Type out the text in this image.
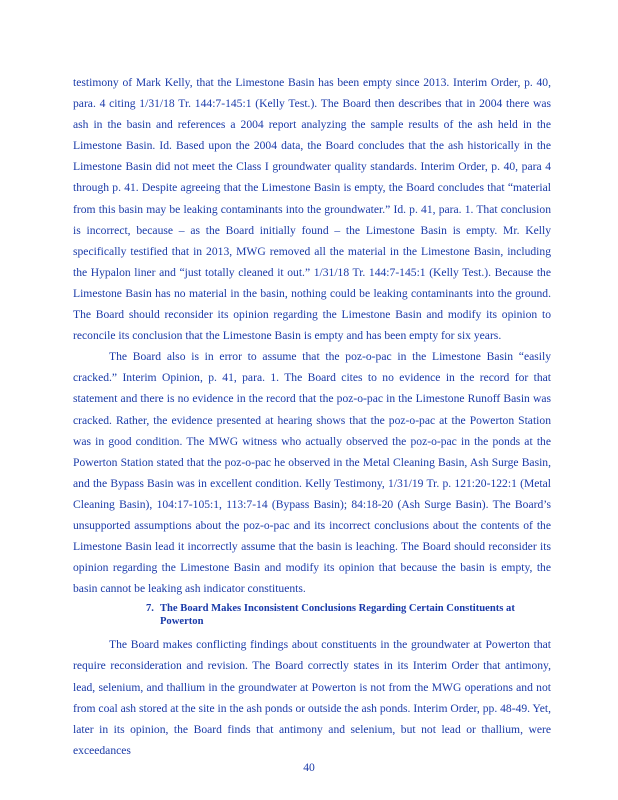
testimony of Mark Kelly, that the Limestone Basin has been empty since 2013. Interim Order, p. 40, para. 4 citing 1/31/18 Tr. 144:7-145:1 (Kelly Test.). The Board then describes that in 2004 there was ash in the basin and references a 2004 report analyzing the sample results of the ash held in the Limestone Basin. Id. Based upon the 2004 data, the Board concludes that the ash historically in the Limestone Basin did not meet the Class I groundwater quality standards. Interim Order, p. 40, para 4 through p. 41. Despite agreeing that the Limestone Basin is empty, the Board concludes that “material from this basin may be leaking contaminants into the groundwater.” Id. p. 41, para. 1. That conclusion is incorrect, because – as the Board initially found – the Limestone Basin is empty. Mr. Kelly specifically testified that in 2013, MWG removed all the material in the Limestone Basin, including the Hypalon liner and “just totally cleaned it out.” 1/31/18 Tr. 144:7-145:1 (Kelly Test.). Because the Limestone Basin has no material in the basin, nothing could be leaking contaminants into the ground. The Board should reconsider its opinion regarding the Limestone Basin and modify its opinion to reconcile its conclusion that the Limestone Basin is empty and has been empty for six years.

The Board also is in error to assume that the poz-o-pac in the Limestone Basin “easily cracked.” Interim Opinion, p. 41, para. 1. The Board cites to no evidence in the record for that statement and there is no evidence in the record that the poz-o-pac in the Limestone Runoff Basin was cracked. Rather, the evidence presented at hearing shows that the poz-o-pac at the Powerton Station was in good condition. The MWG witness who actually observed the poz-o-pac in the ponds at the Powerton Station stated that the poz-o-pac he observed in the Metal Cleaning Basin, Ash Surge Basin, and the Bypass Basin was in excellent condition. Kelly Testimony, 1/31/19 Tr. p. 121:20-122:1 (Metal Cleaning Basin), 104:17-105:1, 113:7-14 (Bypass Basin); 84:18-20 (Ash Surge Basin). The Board’s unsupported assumptions about the poz-o-pac and its incorrect conclusions about the contents of the Limestone Basin lead it incorrectly assume that the basin is leaching. The Board should reconsider its opinion regarding the Limestone Basin and modify its opinion that because the basin is empty, the basin cannot be leaking ash indicator constituents.

7. The Board Makes Inconsistent Conclusions Regarding Certain Constituents at Powerton

The Board makes conflicting findings about constituents in the groundwater at Powerton that require reconsideration and revision. The Board correctly states in its Interim Order that antimony, lead, selenium, and thallium in the groundwater at Powerton is not from the MWG operations and not from coal ash stored at the site in the ash ponds or outside the ash ponds. Interim Order, pp. 48-49. Yet, later in its opinion, the Board finds that antimony and selenium, but not lead or thallium, were exceedances

40
